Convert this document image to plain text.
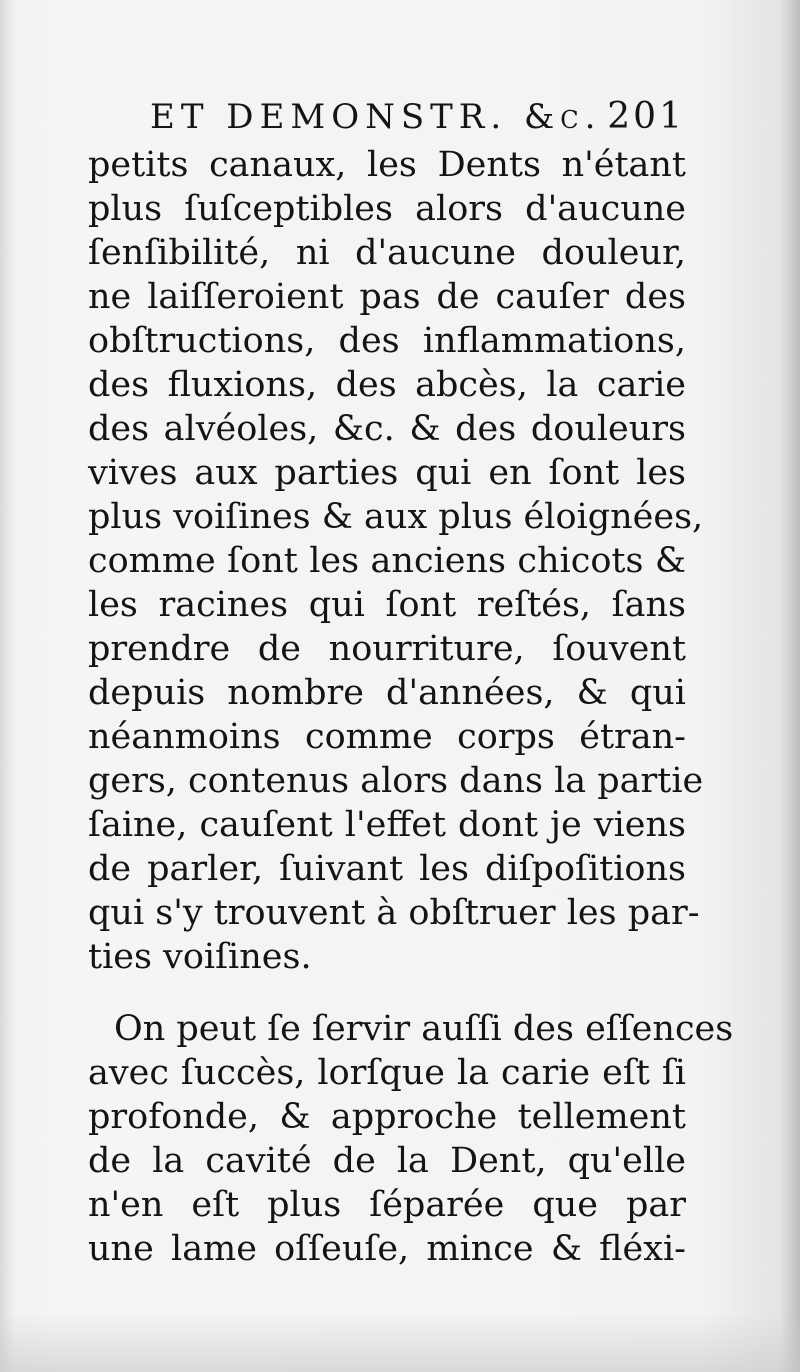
ET DEMONSTR. &c. 201
petits canaux, les Dents n'étant
plus ſuſceptibles alors d'aucune
ſenſibilité, ni d'aucune douleur,
ne laiſſeroient pas de cauſer des
obſtructions, des inflammations,
des fluxions, des abcès, la carie
des alvéoles, &c. & des douleurs
vives aux parties qui en ſont les
plus voiſines & aux plus éloignées,
comme ſont les anciens chicots &
les racines qui ſont reſtés, ſans
prendre de nourriture, ſouvent
depuis nombre d'années, & qui
néanmoins comme corps étran-
gers, contenus alors dans la partie
ſaine, cauſent l'effet dont je viens
de parler, ſuivant les diſpoſitions
qui s'y trouvent à obſtruer les par-
ties voiſines.
On peut ſe ſervir auſſi des eſſences
avec ſuccès, lorſque la carie eſt ſi
profonde, & approche tellement
de la cavité de la Dent, qu'elle
n'en eſt plus ſéparée que par
une lame oſſeuſe, mince & fléxi-
